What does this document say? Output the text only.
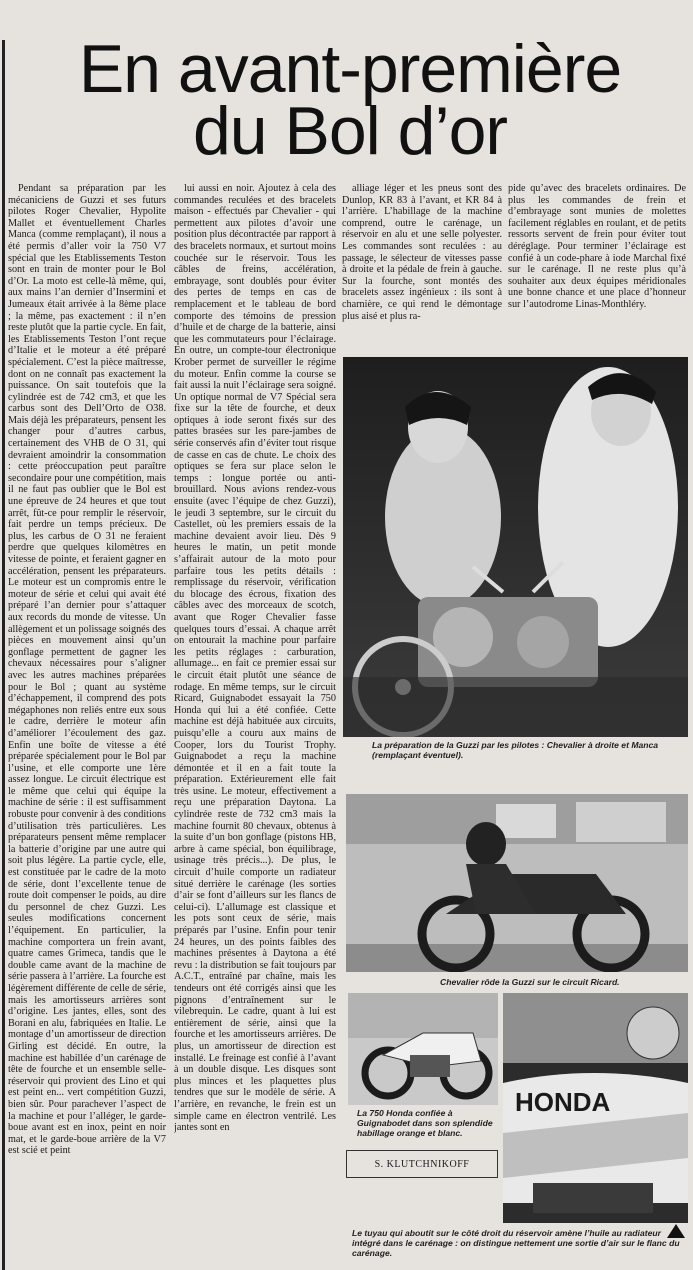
En avant-première
du Bol d’or

Pendant sa préparation par les mécaniciens de Guzzi et ses futurs pilotes Roger Chevalier, Hypolite Mallet et éventuellement Charles Manca (comme remplaçant), il nous a été permis d’aller voir la 750 V7 spécial que les Etablissements Teston sont en train de monter pour le Bol d’Or. La moto est celle-là même, qui, aux mains l’an dernier d’Insermini et Jumeaux était arrivée à la 8ème place ; la même, pas exactement : il n’en reste plutôt que la partie cycle. En fait, les Etablissements Teston l’ont reçue d’Italie et le moteur a été préparé spécialement. C’est la pièce maîtresse, dont on ne connaît pas exactement la puissance. On sait toutefois que la cylindrée est de 742 cm3, et que les carbus sont des Dell’Orto de O38. Mais déjà les préparateurs, pensent les changer pour d’autres carbus, certainement des VHB de O 31, qui devraient amoindrir la consommation : cette préoccupation peut paraître secondaire pour une compétition, mais il ne faut pas oublier que le Bol est une épreuve de 24 heures et que tout arrêt, fût-ce pour remplir le réservoir, fait perdre un temps précieux. De plus, les carbus de O 31 ne feraient perdre que quelques kilomètres en vitesse de pointe, et feraient gagner en accélération, pensent les préparateurs. Le moteur est un compromis entre le moteur de série et celui qui avait été préparé l’an dernier pour s’attaquer aux records du monde de vitesse. Un allègement et un polissage soignés des pièces en mouvement ainsi qu’un gonflage permettent de gagner les chevaux nécessaires pour s’aligner avec les autres machines préparées pour le Bol ; quant au système d’échappement, il comprend des pots mégaphones non reliés entre eux sous le cadre, derrière le moteur afin d’améliorer l’écoulement des gaz. Enfin une boîte de vitesse a été préparée spécialement pour le Bol par l’usine, et elle comporte une 1ère assez longue. Le circuit électrique est le même que celui qui équipe la machine de série : il est suffisamment robuste pour convenir à des conditions d’utilisation très particulières. Les préparateurs pensent même remplacer la batterie d’origine par une autre qui soit plus légère. La partie cycle, elle, est constituée par le cadre de la moto de série, dont l’excellente tenue de route doit compenser le poids, au dire du personnel de chez Guzzi. Les seules modifications concernent l’équipement. En particulier, la machine comportera un frein avant, quatre cames Grimeca, tandis que le double came avant de la machine de série passera à l’arrière. La fourche est légèrement différente de celle de série, mais les amortisseurs arrières sont d’origine. Les jantes, elles, sont des Borani en alu, fabriquées en Italie. Le montage d’un amortisseur de direction Girling est décidé. En outre, la machine est habillée d’un carénage de tête de fourche et un ensemble selle-réservoir qui provient des Lino et qui est peint en... vert compétition Guzzi, bien sûr. Pour parachever l’aspect de la machine et pour l’alléger, le garde-boue avant est en inox, peint en noir mat, et le garde-boue arrière de la V7 est scié et peint

lui aussi en noir. Ajoutez à cela des commandes reculées et des bracelets maison - effectués par Chevalier - qui permettent aux pilotes d’avoir une position plus décontractée par rapport à des bracelets normaux, et surtout moins couchée sur le réservoir. Tous les câbles de freins, accélération, embrayage, sont doublés pour éviter des pertes de temps en cas de remplacement et le tableau de bord comporte des témoins de pression d’huile et de charge de la batterie, ainsi que les commutateurs pour l’éclairage. En outre, un compte-tour électronique Krober permet de surveiller le régime du moteur. Enfin comme la course se fait aussi la nuit l’éclairage sera soigné. Un optique normal de V7 Spécial sera fixe sur la tête de fourche, et deux optiques à iode seront fixés sur des pattes brasées sur les pare-jambes de série conservés afin d’éviter tout risque de casse en cas de chute. Le choix des optiques se fera sur place selon le temps : longue portée ou anti-brouillard. Nous avions rendez-vous ensuite (avec l’équipe de chez Guzzi), le jeudi 3 septembre, sur le circuit du Castellet, où les premiers essais de la machine devaient avoir lieu. Dès 9 heures le matin, un petit monde s’affairait autour de la moto pour parfaire tous les petits détails : remplissage du réservoir, vérification du blocage des écrous, fixation des câbles avec des morceaux de scotch, avant que Roger Chevalier fasse quelques tours d’essai. A chaque arrêt on entourait la machine pour parfaire les petits réglages : carburation, allumage... en fait ce premier essai sur le circuit était plutôt une séance de rodage. En même temps, sur le circuit Ricard, Guignabodet essayait la 750 Honda qui lui a été confiée. Cette machine est déjà habituée aux circuits, puisqu’elle a couru aux mains de Cooper, lors du Tourist Trophy. Guignabodet a reçu la machine démontée et il en a fait toute la préparation. Extérieurement elle fait très usine. Le moteur, effectivement a reçu une préparation Daytona. La cylindrée reste de 732 cm3 mais la machine fournit 80 chevaux, obtenus à la suite d’un bon gonflage (pistons HB, arbre à came spécial, bon équilibrage, usinage très précis...). De plus, le circuit d’huile comporte un radiateur situé derrière le carénage (les sorties d’air se font d’ailleurs sur les flancs de celui-ci). L’allumage est classique et les pots sont ceux de série, mais préparés par l’usine. Enfin pour tenir 24 heures, un des points faibles des machines présentes à Daytona a été revu : la distribution se fait toujours par A.C.T., entraîné par chaîne, mais les tendeurs ont été corrigés ainsi que les pignons d’entraînement sur le vilebrequin. Le cadre, quant à lui est entièrement de série, ainsi que la fourche et les amortisseurs arrières. De plus, un amortisseur de direction est installé. Le freinage est confié à l’avant à un double disque. Les disques sont plus minces et les plaquettes plus tendres que sur le modèle de série. A l’arrière, en revanche, le frein est un simple came en électron ventrilé. Les jantes sont en

alliage léger et les pneus sont des Dunlop, KR 83 à l’avant, et KR 84 à l’arrière. L’habillage de la machine comprend, outre le carénage, un réservoir en alu et une selle polyester. Les commandes sont reculées : au passage, le sélecteur de vitesses passe à droite et la pédale de frein à gauche. Sur la fourche, sont montés des bracelets assez ingénieux : ils sont à charnière, ce qui rend le démontage plus aisé et plus ra-

pide qu’avec des bracelets ordinaires. De plus les commandes de frein et d’embrayage sont munies de molettes facilement réglables en roulant, et de petits ressorts servent de frein pour éviter tout déréglage. Pour terminer l’éclairage est confié à un code-phare à iode Marchal fixé sur le carénage. Il ne reste plus qu’à souhaiter aux deux équipes méridionales une bonne chance et une place d’honneur sur l’autodrome Linas-Monthléry.

La préparation de la Guzzi par les pilotes : Chevalier à droite et Manca (remplaçant éventuel).
Chevalier rôde la Guzzi sur le circuit Ricard.
La 750 Honda confiée à Guignabodet dans son splendide habillage orange et blanc.
HONDA
S. KLUTCHNIKOFF
Le tuyau qui aboutit sur le côté droit du réservoir amène l’huile au radiateur intégré dans le carénage : on distingue nettement une sortie d’air sur le flanc du carénage.
